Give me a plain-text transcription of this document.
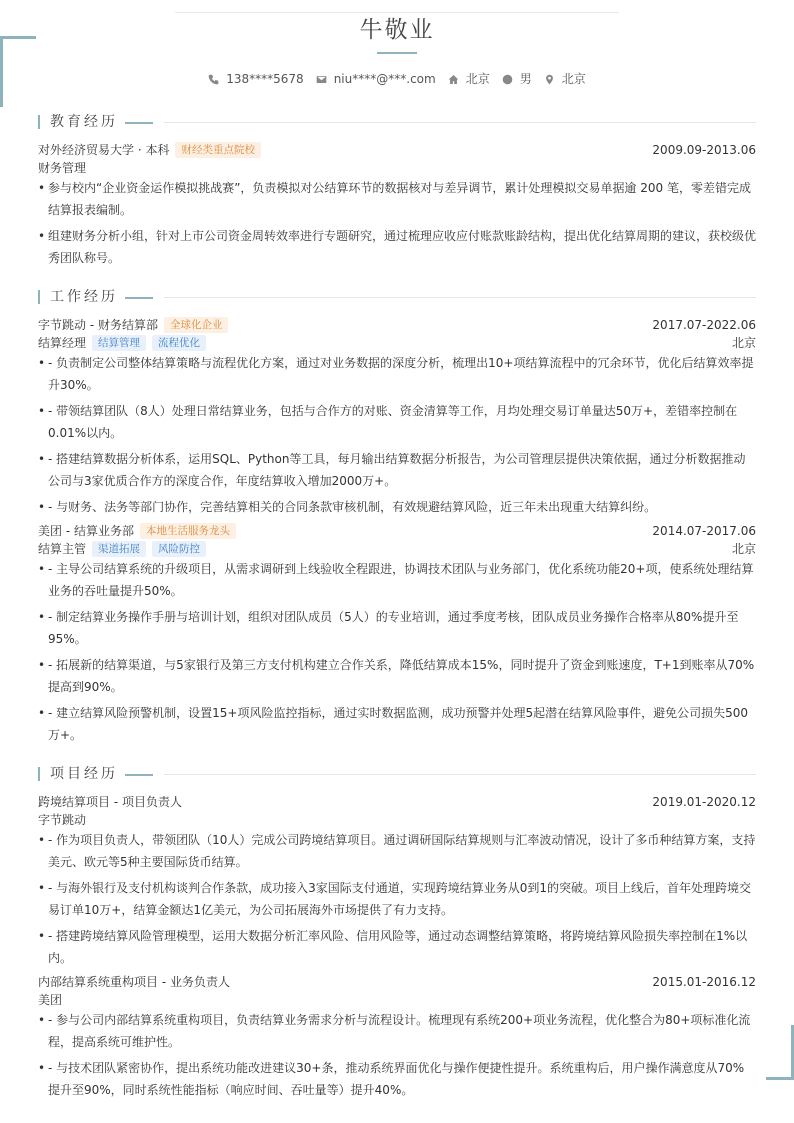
牛敬业
138****5678	niu****@***.com	北京	男	北京
教育经历
对外经济贸易大学 · 本科	财经类重点院校	2009.09-2013.06
财务管理
• 参与校内“企业资金运作模拟挑战赛”，负责模拟对公结算环节的数据核对与差异调节，累计处理模拟交易单据逾 200 笔，零差错完成结算报表编制。
• 组建财务分析小组，针对上市公司资金周转效率进行专题研究，通过梳理应收应付账款账龄结构，提出优化结算周期的建议，获校级优秀团队称号。
工作经历
字节跳动 - 财务结算部	全球化企业	2017.07-2022.06
结算经理	结算管理	流程优化	北京
• - 负责制定公司整体结算策略与流程优化方案，通过对业务数据的深度分析，梳理出10+项结算流程中的冗余环节，优化后结算效率提升30%。
• - 带领结算团队（8人）处理日常结算业务，包括与合作方的对账、资金清算等工作，月均处理交易订单量达50万+，差错率控制在0.01%以内。
• - 搭建结算数据分析体系，运用SQL、Python等工具，每月输出结算数据分析报告，为公司管理层提供决策依据，通过分析数据推动公司与3家优质合作方的深度合作，年度结算收入增加2000万+。
• - 与财务、法务等部门协作，完善结算相关的合同条款审核机制，有效规避结算风险，近三年未出现重大结算纠纷。
美团 - 结算业务部	本地生活服务龙头	2014.07-2017.06
结算主管	渠道拓展	风险防控	北京
• - 主导公司结算系统的升级项目，从需求调研到上线验收全程跟进，协调技术团队与业务部门，优化系统功能20+项，使系统处理结算业务的吞吐量提升50%。
• - 制定结算业务操作手册与培训计划，组织对团队成员（5人）的专业培训，通过季度考核，团队成员业务操作合格率从80%提升至95%。
• - 拓展新的结算渠道，与5家银行及第三方支付机构建立合作关系，降低结算成本15%，同时提升了资金到账速度，T+1到账率从70%提高到90%。
• - 建立结算风险预警机制，设置15+项风险监控指标，通过实时数据监测，成功预警并处理5起潜在结算风险事件，避免公司损失500万+。
项目经历
跨境结算项目 - 项目负责人	2019.01-2020.12
字节跳动
• - 作为项目负责人，带领团队（10人）完成公司跨境结算项目。通过调研国际结算规则与汇率波动情况，设计了多币种结算方案，支持美元、欧元等5种主要国际货币结算。
• - 与海外银行及支付机构谈判合作条款，成功接入3家国际支付通道，实现跨境结算业务从0到1的突破。项目上线后，首年处理跨境交易订单10万+，结算金额达1亿美元，为公司拓展海外市场提供了有力支持。
• - 搭建跨境结算风险管理模型，运用大数据分析汇率风险、信用风险等，通过动态调整结算策略，将跨境结算风险损失率控制在1%以内。
内部结算系统重构项目 - 业务负责人	2015.01-2016.12
美团
• - 参与公司内部结算系统重构项目，负责结算业务需求分析与流程设计。梳理现有系统200+项业务流程，优化整合为80+项标准化流程，提高系统可维护性。
• - 与技术团队紧密协作，提出系统功能改进建议30+条，推动系统界面优化与操作便捷性提升。系统重构后，用户操作满意度从70%提升至90%，同时系统性能指标（响应时间、吞吐量等）提升40%。
